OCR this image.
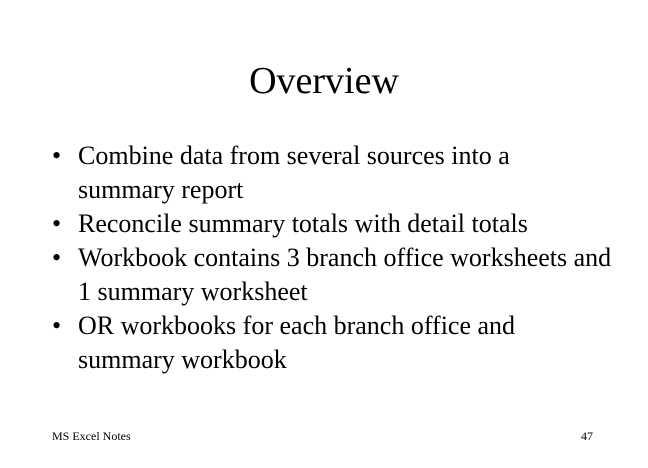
Overview
• Combine data from several sources into a summary report
• Reconcile summary totals with detail totals
• Workbook contains 3 branch office worksheets and 1 summary worksheet
• OR workbooks for each branch office and summary workbook
MS Excel Notes	47
